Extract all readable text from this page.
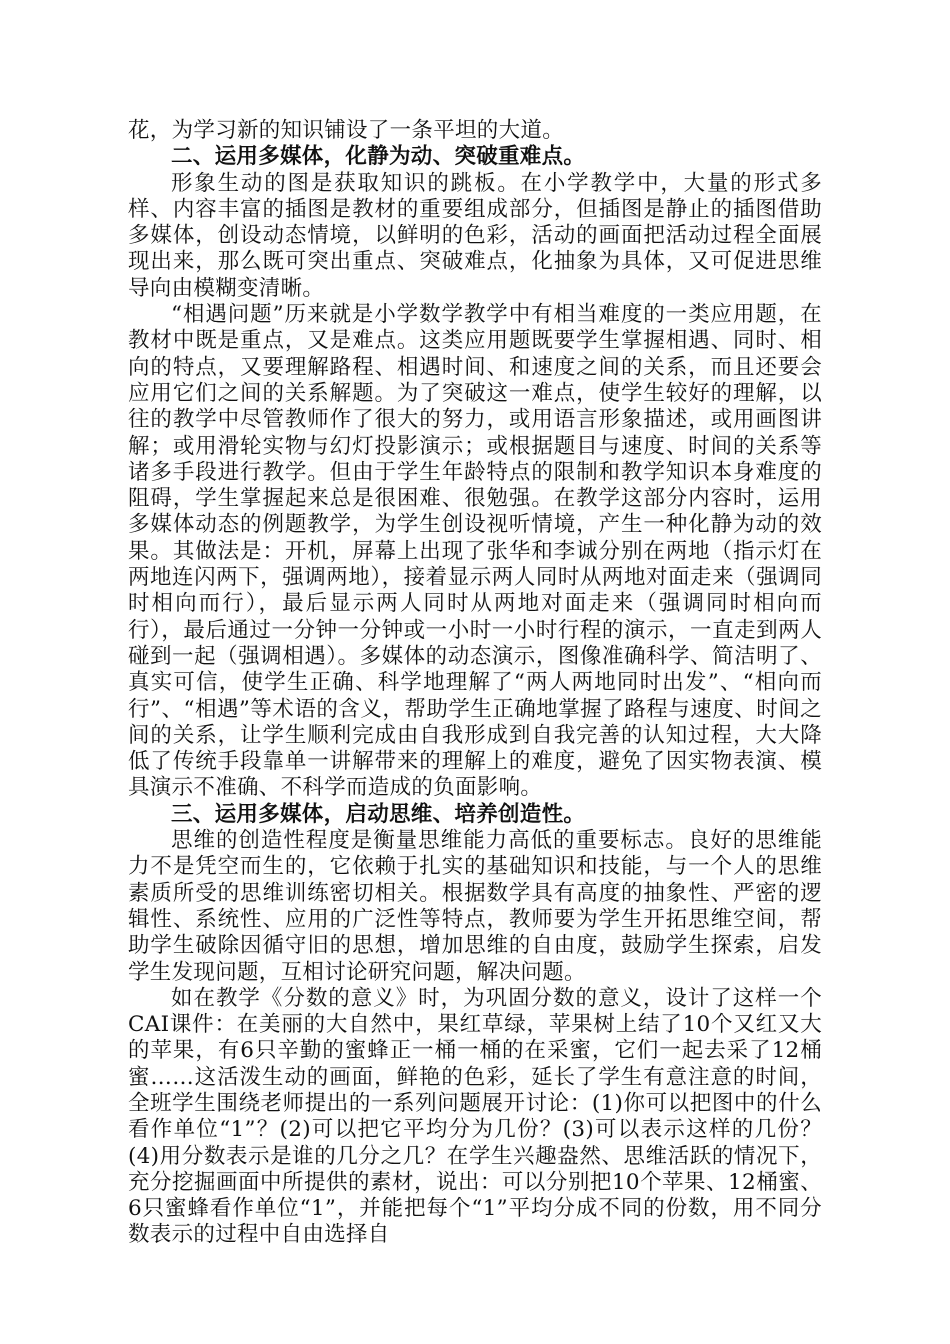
花，为学习新的知识铺设了一条平坦的大道。

二、运用多媒体，化静为动、突破重难点。

形象生动的图是获取知识的跳板。在小学教学中，大量的形式多样、内容丰富的插图是教材的重要组成部分，但插图是静止的插图借助多媒体，创设动态情境，以鲜明的色彩，活动的画面把活动过程全面展现出来，那么既可突出重点、突破难点，化抽象为具体，又可促进思维导向由模糊变清晰。

“相遇问题”历来就是小学数学教学中有相当难度的一类应用题，在教材中既是重点，又是难点。这类应用题既要学生掌握相遇、同时、相向的特点，又要理解路程、相遇时间、和速度之间的关系，而且还要会应用它们之间的关系解题。为了突破这一难点，使学生较好的理解，以往的教学中尽管教师作了很大的努力，或用语言形象描述，或用画图讲解；或用滑轮实物与幻灯投影演示；或根据题目与速度、时间的关系等诸多手段进行教学。但由于学生年龄特点的限制和教学知识本身难度的阻碍，学生掌握起来总是很困难、很勉强。在教学这部分内容时，运用多媒体动态的例题教学，为学生创设视听情境，产生一种化静为动的效果。其做法是：开机，屏幕上出现了张华和李诚分别在两地（指示灯在两地连闪两下，强调两地），接着显示两人同时从两地对面走来（强调同时相向而行），最后显示两人同时从两地对面走来（强调同时相向而行），最后通过一分钟一分钟或一小时一小时行程的演示，一直走到两人碰到一起（强调相遇）。多媒体的动态演示，图像准确科学、简洁明了、真实可信，使学生正确、科学地理解了“两人两地同时出发”、“相向而行”、“相遇”等术语的含义，帮助学生正确地掌握了路程与速度、时间之间的关系，让学生顺利完成由自我形成到自我完善的认知过程，大大降低了传统手段靠单一讲解带来的理解上的难度，避免了因实物表演、模具演示不准确、不科学而造成的负面影响。

三、运用多媒体，启动思维、培养创造性。

思维的创造性程度是衡量思维能力高低的重要标志。良好的思维能力不是凭空而生的，它依赖于扎实的基础知识和技能，与一个人的思维素质所受的思维训练密切相关。根据数学具有高度的抽象性、严密的逻辑性、系统性、应用的广泛性等特点，教师要为学生开拓思维空间，帮助学生破除因循守旧的思想，增加思维的自由度，鼓励学生探索，启发学生发现问题，互相讨论研究问题，解决问题。

如在教学《分数的意义》时，为巩固分数的意义，设计了这样一个CAI课件：在美丽的大自然中，果红草绿，苹果树上结了10个又红又大的苹果，有6只辛勤的蜜蜂正一桶一桶的在采蜜，它们一起去采了12桶蜜……这活泼生动的画面，鲜艳的色彩，延长了学生有意注意的时间，全班学生围绕老师提出的一系列问题展开讨论：(1)你可以把图中的什么看作单位“1”？(2)可以把它平均分为几份？(3)可以表示这样的几份？(4)用分数表示是谁的几分之几？在学生兴趣盎然、思维活跃的情况下，充分挖掘画面中所提供的素材，说出：可以分别把10个苹果、12桶蜜、6只蜜蜂看作单位“1”，并能把每个“1”平均分成不同的份数，用不同分数表示的过程中自由选择自
